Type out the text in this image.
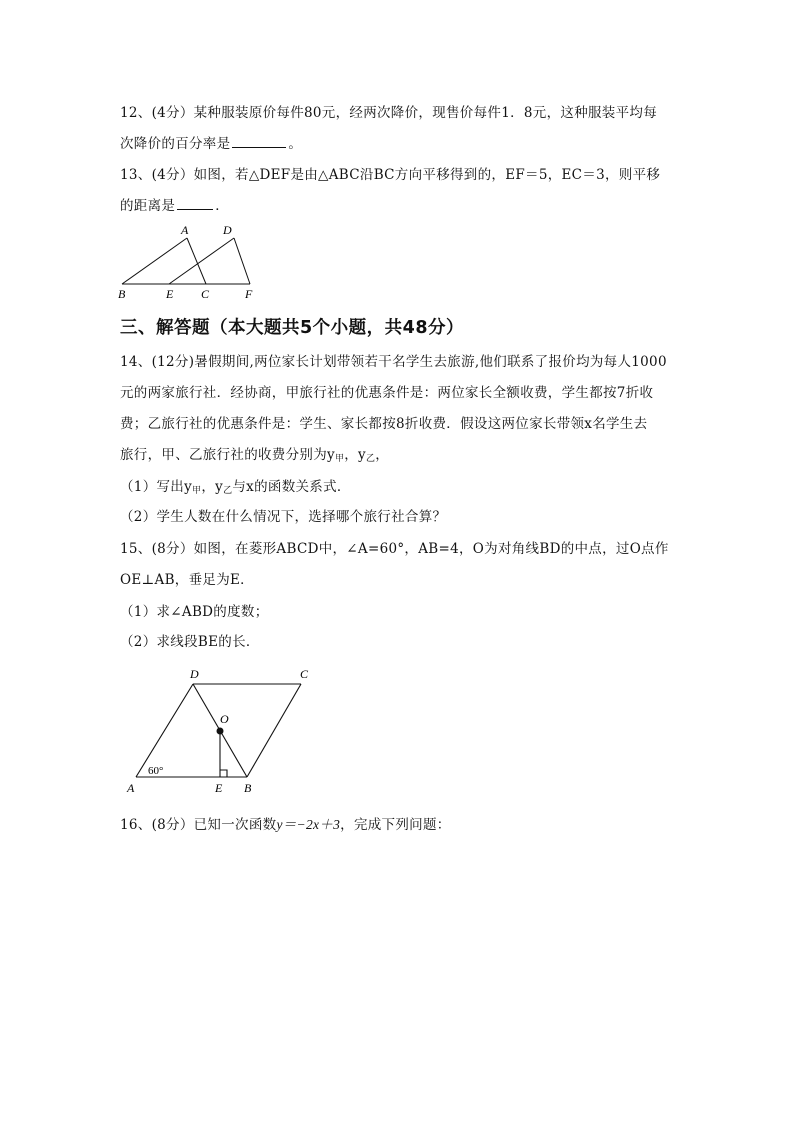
12、(4分）某种服装原价每件80元，经两次降价，现售价每件1．8元，这种服装平均每
次降价的百分率是	。
13、(4分）如图，若△DEF是由△ABC沿BC方向平移得到的，EF＝5，EC＝3，则平移
的距离是	．
A	D
B	E C	F
三、解答题（本大题共5个小题，共48分）
14、(12分)暑假期间,两位家长计划带领若干名学生去旅游,他们联系了报价均为每人1000
元的两家旅行社．经协商，甲旅行社的优惠条件是：两位家长全额收费，学生都按7折收
费；乙旅行社的优惠条件是：学生、家长都按8折收费．假设这两位家长带领x名学生去
旅行，甲、乙旅行社的收费分别为$y_甲$，$y_乙$，
（1）写出$y_甲$，$y_乙$与x的函数关系式．
（2）学生人数在什么情况下，选择哪个旅行社合算？
15、(8分）如图，在菱形ABCD中，∠A=60°，AB=4，O为对角线BD的中点，过O点作
OE⊥AB，垂足为E．
（1）求∠ABD的度数；
（2）求线段BE的长．
D	C
O
A	E B
60°
16、(8分）已知一次函数y＝−2x＋3，完成下列问题：
